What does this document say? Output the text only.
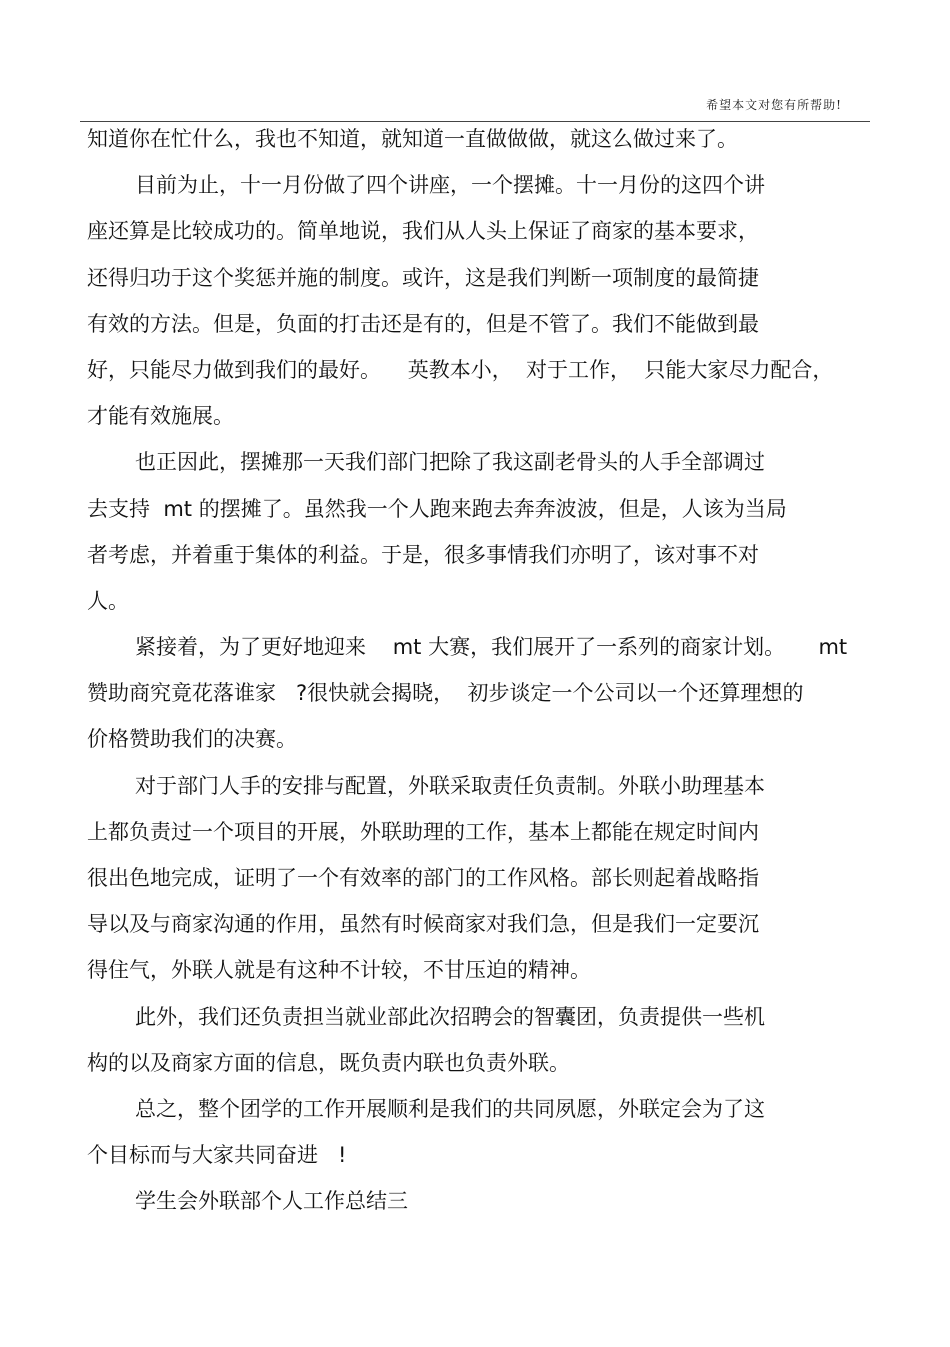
希望本文对您有所帮助!
知道你在忙什么，我也不知道，就知道一直做做做，就这么做过来了。
目前为止，十一月份做了四个讲座，一个摆摊。十一月份的这四个讲
座还算是比较成功的。简单地说，我们从人头上保证了商家的基本要求，
还得归功于这个奖惩并施的制度。或许，这是我们判断一项制度的最简捷
有效的方法。但是，负面的打击还是有的，但是不管了。我们不能做到最
好，只能尽力做到我们的最好。    英教本小，  对于工作，  只能大家尽力配合，
才能有效施展。
也正因此，摆摊那一天我们部门把除了我这副老骨头的人手全部调过
去支持  mt 的摆摊了。虽然我一个人跑来跑去奔奔波波，但是，人该为当局
者考虑，并着重于集体的利益。于是，很多事情我们亦明了，该对事不对
人。
紧接着，为了更好地迎来    mt 大赛，我们展开了一系列的商家计划。     mt
赞助商究竟花落谁家   ?很快就会揭晓，  初步谈定一个公司以一个还算理想的
价格赞助我们的决赛。
对于部门人手的安排与配置，外联采取责任负责制。外联小助理基本
上都负责过一个项目的开展，外联助理的工作，基本上都能在规定时间内
很出色地完成，证明了一个有效率的部门的工作风格。部长则起着战略指
导以及与商家沟通的作用，虽然有时候商家对我们急，但是我们一定要沉
得住气，外联人就是有这种不计较，不甘压迫的精神。
此外，我们还负责担当就业部此次招聘会的智囊团，负责提供一些机
构的以及商家方面的信息，既负责内联也负责外联。
总之，整个团学的工作开展顺利是我们的共同夙愿，外联定会为了这
个目标而与大家共同奋进   !
学生会外联部个人工作总结三
